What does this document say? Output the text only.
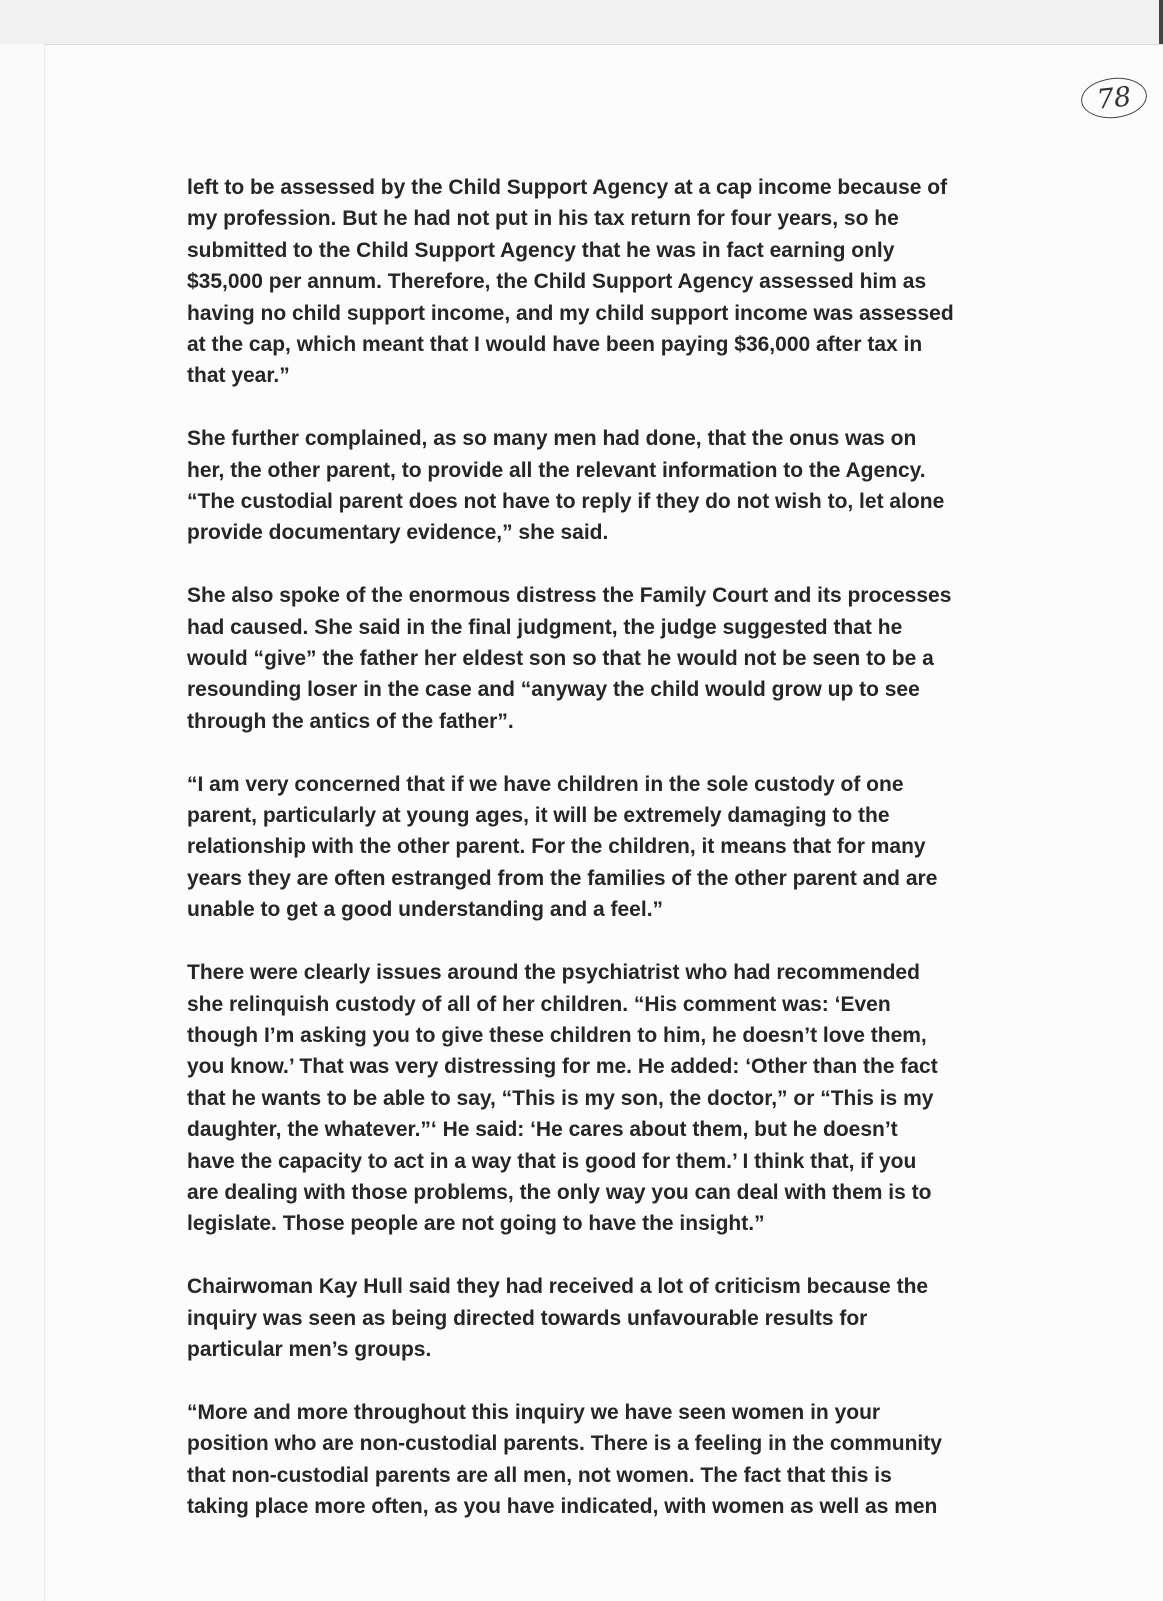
78
left to be assessed by the Child Support Agency at a cap income because of
my profession. But he had not put in his tax return for four years, so he
submitted to the Child Support Agency that he was in fact earning only
$35,000 per annum. Therefore, the Child Support Agency assessed him as
having no child support income, and my child support income was assessed
at the cap, which meant that I would have been paying $36,000 after tax in
that year.”
She further complained, as so many men had done, that the onus was on
her, the other parent, to provide all the relevant information to the Agency.
“The custodial parent does not have to reply if they do not wish to, let alone
provide documentary evidence,” she said.
She also spoke of the enormous distress the Family Court and its processes
had caused. She said in the final judgment, the judge suggested that he
would “give” the father her eldest son so that he would not be seen to be a
resounding loser in the case and “anyway the child would grow up to see
through the antics of the father”.
“I am very concerned that if we have children in the sole custody of one
parent, particularly at young ages, it will be extremely damaging to the
relationship with the other parent. For the children, it means that for many
years they are often estranged from the families of the other parent and are
unable to get a good understanding and a feel.”
There were clearly issues around the psychiatrist who had recommended
she relinquish custody of all of her children. “His comment was: ‘Even
though I’m asking you to give these children to him, he doesn’t love them,
you know.’ That was very distressing for me. He added: ‘Other than the fact
that he wants to be able to say, “This is my son, the doctor,” or “This is my
daughter, the whatever.”‘ He said: ‘He cares about them, but he doesn’t
have the capacity to act in a way that is good for them.’ I think that, if you
are dealing with those problems, the only way you can deal with them is to
legislate. Those people are not going to have the insight.”
Chairwoman Kay Hull said they had received a lot of criticism because the
inquiry was seen as being directed towards unfavourable results for
particular men’s groups.
“More and more throughout this inquiry we have seen women in your
position who are non-custodial parents. There is a feeling in the community
that non-custodial parents are all men, not women. The fact that this is
taking place more often, as you have indicated, with women as well as men
